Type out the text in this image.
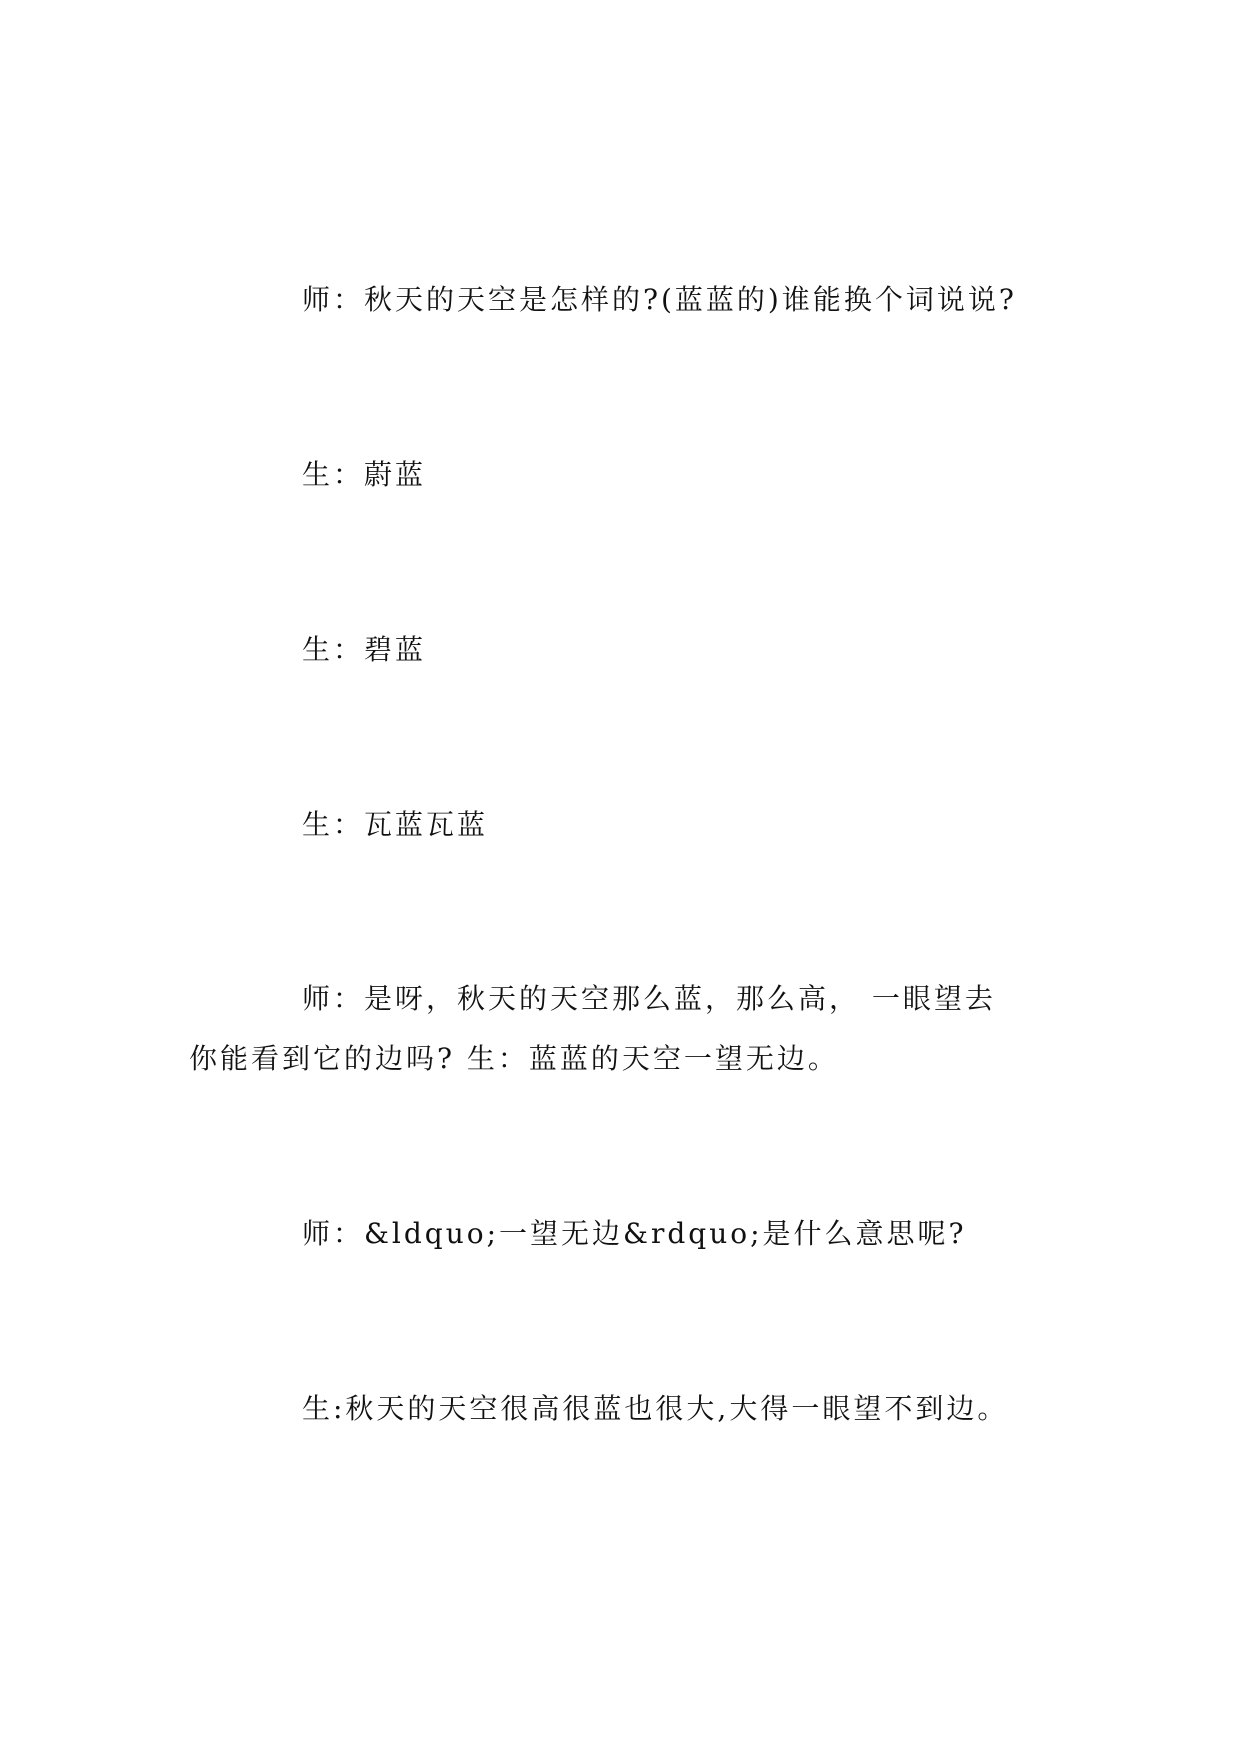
师：秋天的天空是怎样的?(蓝蓝的)谁能换个词说说?
生：蔚蓝
生：碧蓝
生：瓦蓝瓦蓝
师：是呀，秋天的天空那么蓝，那么高， 一眼望去
你能看到它的边吗? 生：蓝蓝的天空一望无边。
师：&ldquo;一望无边&rdquo;是什么意思呢?
生:秋天的天空很高很蓝也很大,大得一眼望不到边。
